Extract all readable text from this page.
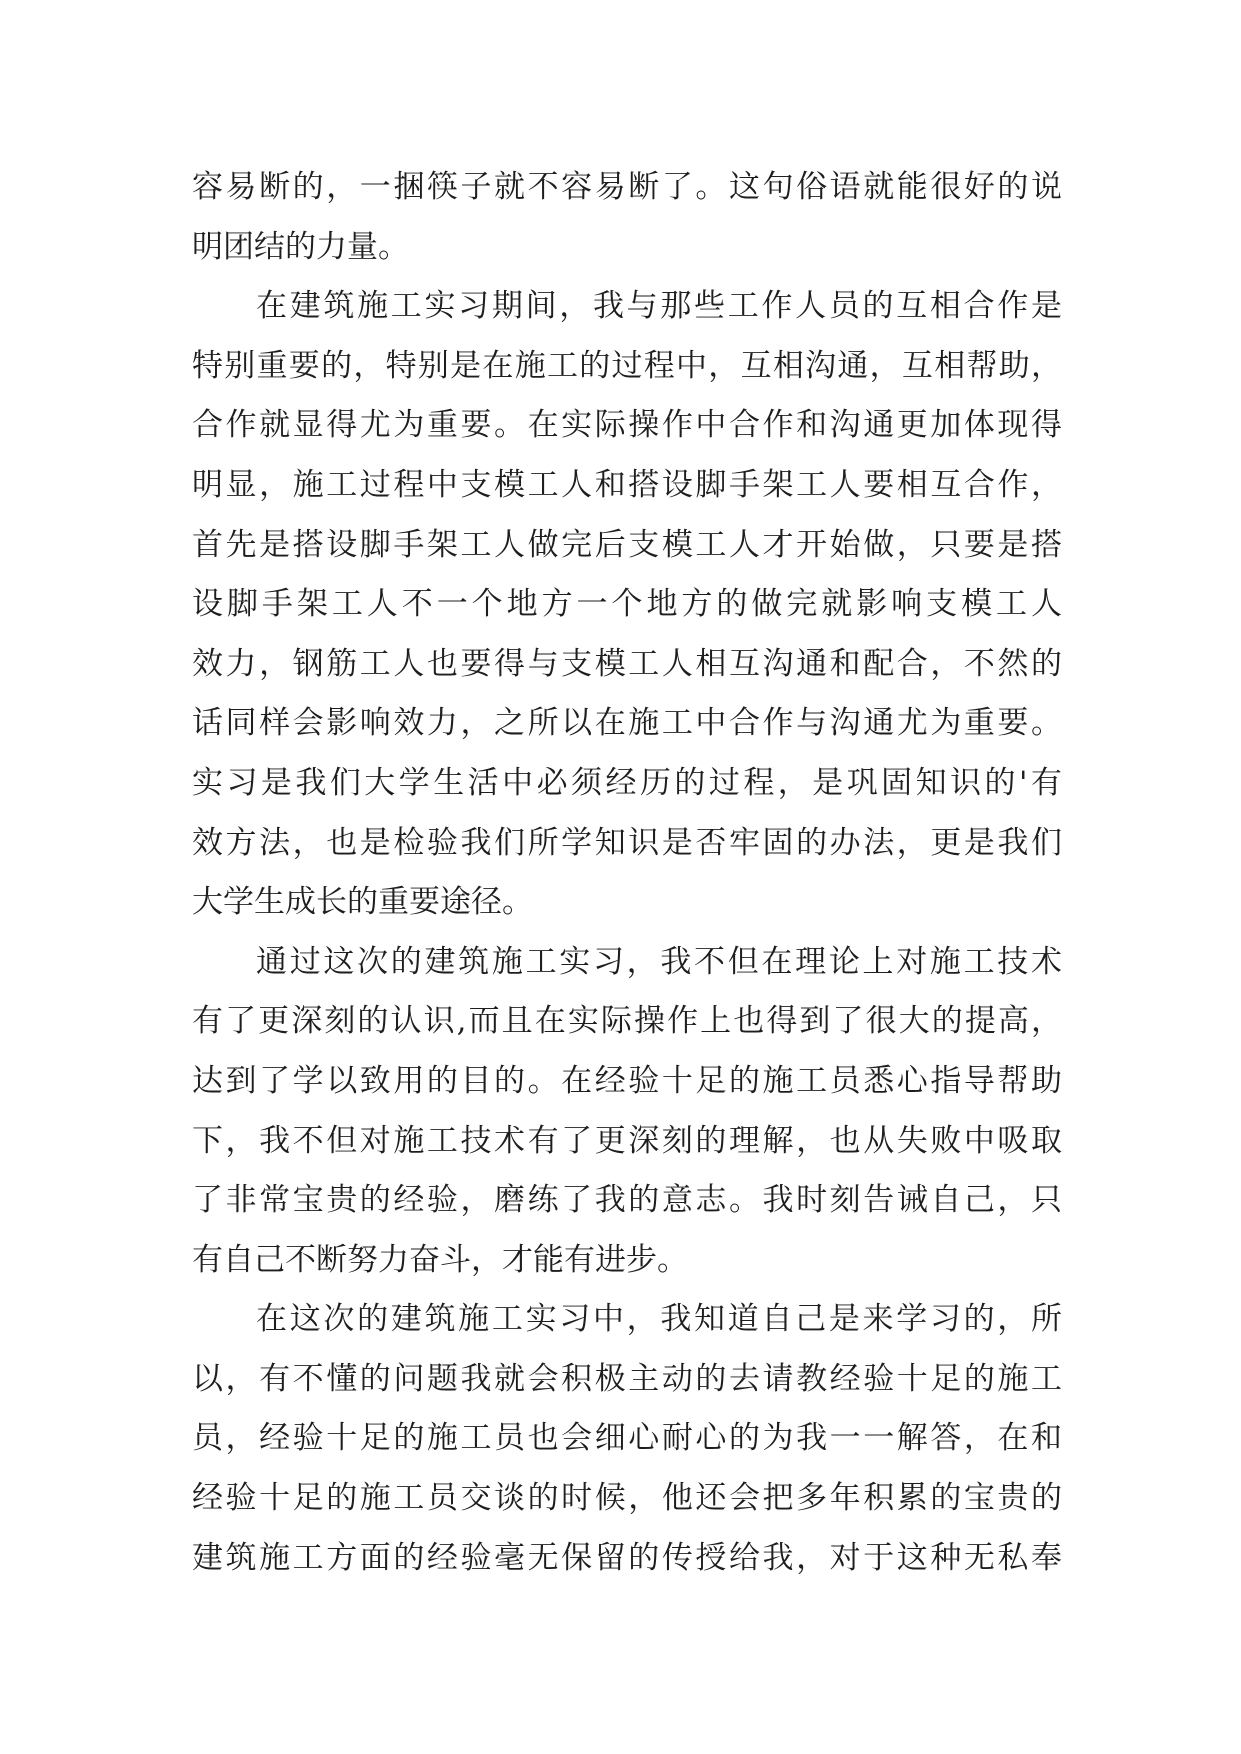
容易断的，一捆筷子就不容易断了。这句俗语就能很好的说
明团结的力量。
在建筑施工实习期间，我与那些工作人员的互相合作是
特别重要的，特别是在施工的过程中，互相沟通，互相帮助，
合作就显得尤为重要。在实际操作中合作和沟通更加体现得
明显，施工过程中支模工人和搭设脚手架工人要相互合作，
首先是搭设脚手架工人做完后支模工人才开始做，只要是搭
设脚手架工人不一个地方一个地方的做完就影响支模工人
效力，钢筋工人也要得与支模工人相互沟通和配合，不然的
话同样会影响效力，之所以在施工中合作与沟通尤为重要。
实习是我们大学生活中必须经历的过程，是巩固知识的'有
效方法，也是检验我们所学知识是否牢固的办法，更是我们
大学生成长的重要途径。
通过这次的建筑施工实习，我不但在理论上对施工技术
有了更深刻的认识,而且在实际操作上也得到了很大的提高，
达到了学以致用的目的。在经验十足的施工员悉心指导帮助
下，我不但对施工技术有了更深刻的理解，也从失败中吸取
了非常宝贵的经验，磨练了我的意志。我时刻告诫自己，只
有自己不断努力奋斗，才能有进步。
在这次的建筑施工实习中，我知道自己是来学习的，所
以，有不懂的问题我就会积极主动的去请教经验十足的施工
员，经验十足的施工员也会细心耐心的为我一一解答，在和
经验十足的施工员交谈的时候，他还会把多年积累的宝贵的
建筑施工方面的经验毫无保留的传授给我，对于这种无私奉
